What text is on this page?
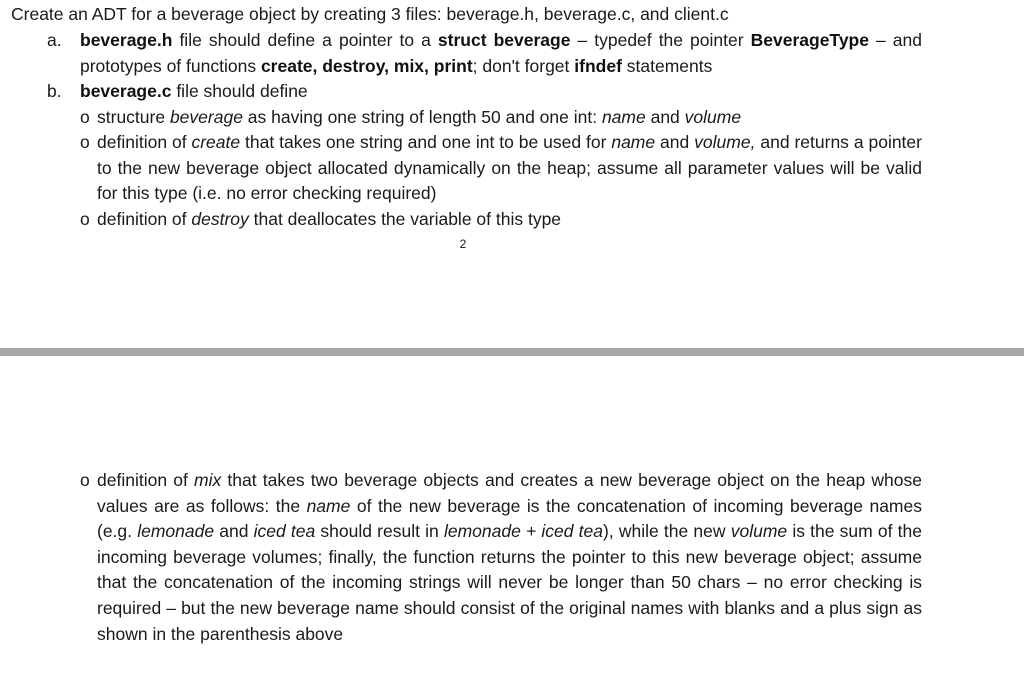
Create an ADT for a beverage object by creating 3 files: beverage.h, beverage.c, and client.c

a.	beverage.h file should define a pointer to a struct beverage – typedef the pointer BeverageType – and prototypes of functions create, destroy, mix, print; don't forget ifndef statements

b.	beverage.c file should define

o structure beverage as having one string of length 50 and one int: name and volume

o definition of create that takes one string and one int to be used for name and volume, and returns a pointer to the new beverage object allocated dynamically on the heap; assume all parameter values will be valid for this type (i.e. no error checking required)

o definition of destroy that deallocates the variable of this type

2

o definition of mix that takes two beverage objects and creates a new beverage object on the heap whose values are as follows: the name of the new beverage is the concatenation of incoming beverage names (e.g. lemonade and iced tea should result in lemonade + iced tea), while the new volume is the sum of the incoming beverage volumes; finally, the function returns the pointer to this new beverage object; assume that the concatenation of the incoming strings will never be longer than 50 chars – no error checking is required – but the new beverage name should consist of the original names with blanks and a plus sign as shown in the parenthesis above
